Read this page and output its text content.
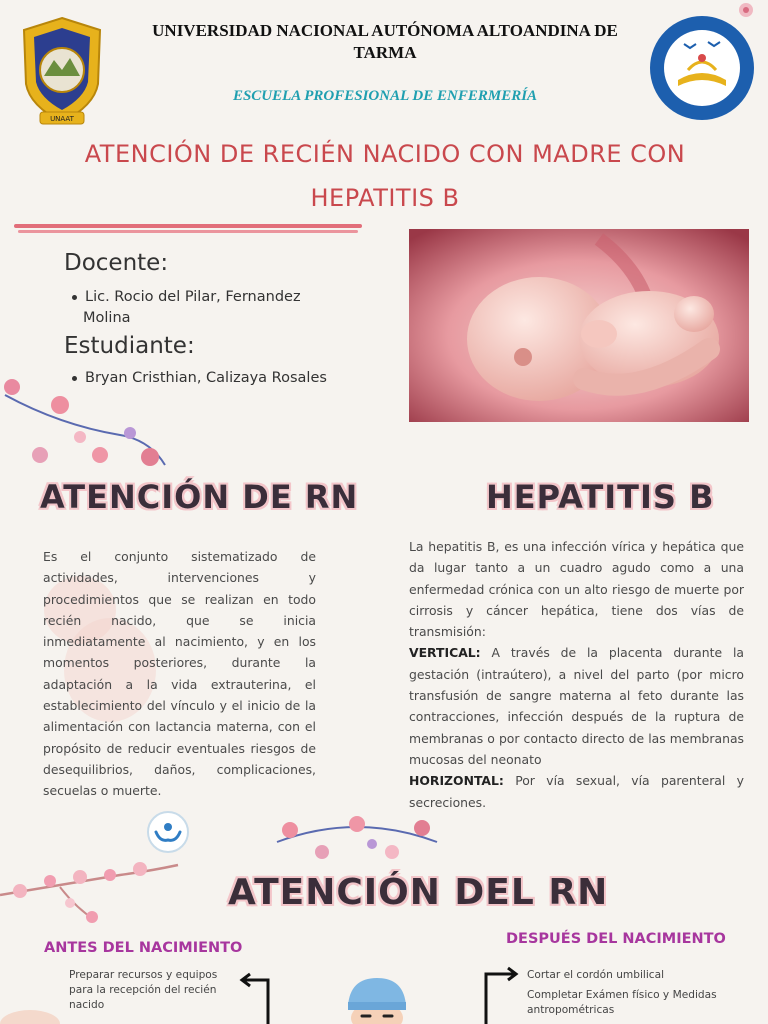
UNAAT
UNIVERSIDAD NACIONAL AUTÓNOMA ALTOANDINA DE TARMA
ESCUELA PROFESIONAL DE ENFERMERÍA
ATENCIÓN DE RECIÉN NACIDO CON MADRE CON
HEPATITIS B
Docente:
Lic. Rocio del Pilar, Fernandez
Molina
Estudiante:
Bryan Cristhian, Calizaya Rosales
ATENCIÓN DE RN	HEPATITIS B
Es el conjunto sistematizado de actividades, intervenciones y procedimientos que se realizan en todo recién nacido, que se inicia inmediatamente al nacimiento, y en los momentos posteriores, durante la adaptación a la vida extrauterina, el establecimiento del vínculo y el inicio de la alimentación con lactancia materna, con el propósito de reducir eventuales riesgos de desequilibrios, daños, complicaciones, secuelas o muerte.
La hepatitis B, es una infección vírica y hepática que da lugar tanto a un cuadro agudo como a una enfermedad crónica con un alto riesgo de muerte por cirrosis y cáncer hepática, tiene dos vías de transmisión:
VERTICAL: A través de la placenta durante la gestación (intraútero), a nivel del parto (por micro transfusión de sangre materna al feto durante las contracciones, infección después de la ruptura de membranas o por contacto directo de las membranas mucosas del neonato
HORIZONTAL: Por vía sexual, vía parenteral y secreciones.
ATENCIÓN DEL RN
ANTES DEL NACIMIENTO
DESPUÉS DEL NACIMIENTO
Preparar recursos y equipos para la recepción del recién nacido
Cortar el cordón umbilical
Completar Exámen físico y Medidas antropométricas
